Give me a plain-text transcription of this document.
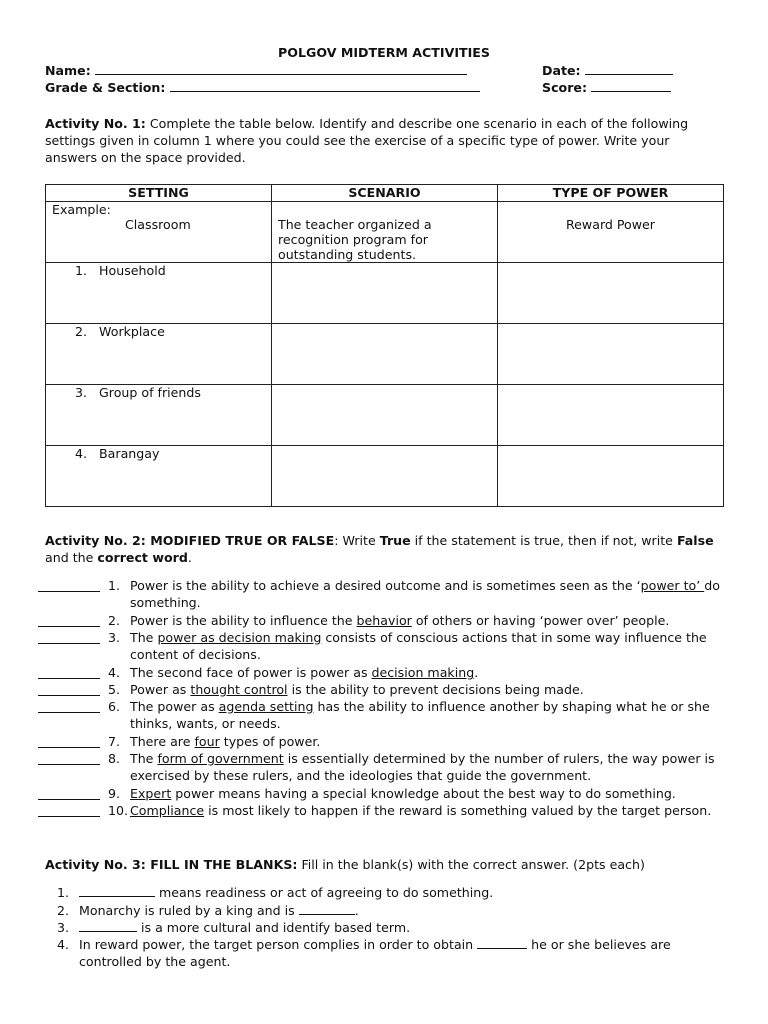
POLGOV MIDTERM ACTIVITIES
Name:	Date:
Grade & Section:	Score:
Activity No. 1: Complete the table below. Identify and describe one scenario in each of the following
settings given in column 1 where you could see the exercise of a specific type of power. Write your
answers on the space provided.
SETTING	SCENARIO	TYPE OF POWER

Example:
Classroom	The teacher organized a recognition program for outstanding students.	Reward Power
1. Household		
2. Workplace		
3. Group of friends		
4. Barangay		
Activity No. 2: MODIFIED TRUE OR FALSE: Write True if the statement is true, then if not, write False
and the correct word.
1. Power is the ability to achieve a desired outcome and is sometimes seen as the ‘power to’ do
something.
2. Power is the ability to influence the behavior of others or having ‘power over’ people.
3. The power as decision making consists of conscious actions that in some way influence the
content of decisions.
4. The second face of power is power as decision making.
5. Power as thought control is the ability to prevent decisions being made.
6. The power as agenda setting has the ability to influence another by shaping what he or she
thinks, wants, or needs.
7. There are four types of power.
8. The form of government is essentially determined by the number of rulers, the way power is
exercised by these rulers, and the ideologies that guide the government.
9. Expert power means having a special knowledge about the best way to do something.
10. Compliance is most likely to happen if the reward is something valued by the target person.
Activity No. 3: FILL IN THE BLANKS: Fill in the blank(s) with the correct answer. (2pts each)
1.	means readiness or act of agreeing to do something.
2. Monarchy is ruled by a king and is	.
3.	is a more cultural and identify based term.
4. In reward power, the target person complies in order to obtain	he or she believes are
controlled by the agent.
